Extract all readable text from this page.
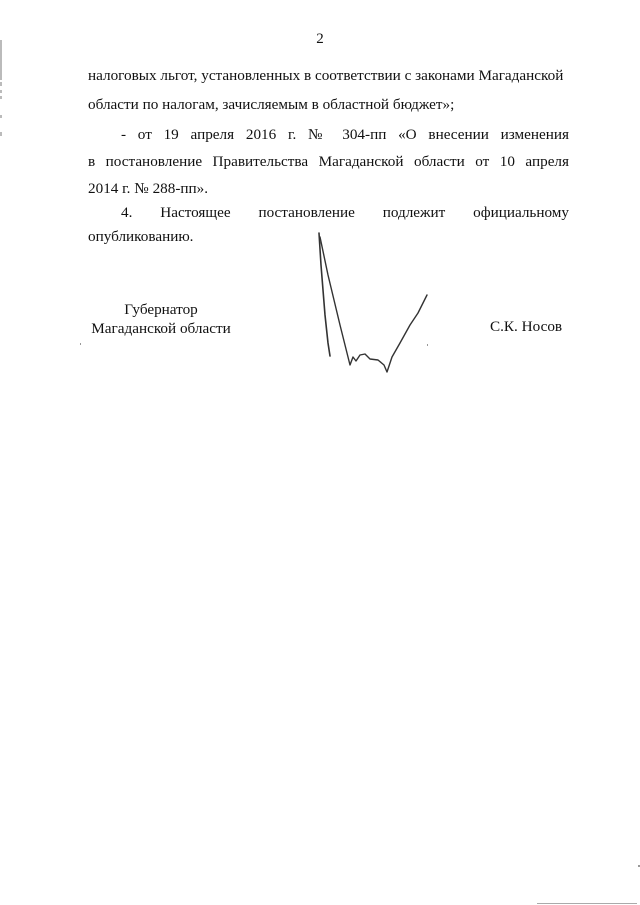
2
налоговых льгот, установленных в соответствии с законами Магаданской
области по налогам, зачисляемым в областной бюджет»;
- от 19 апреля 2016 г. № 304-пп «О внесении изменения
в постановление Правительства Магаданской области от 10 апреля
2014 г. № 288-пп».
4. Настоящее постановление подлежит официальному
опубликованию.
Губернатор
Магаданской области	С.К. Носов
